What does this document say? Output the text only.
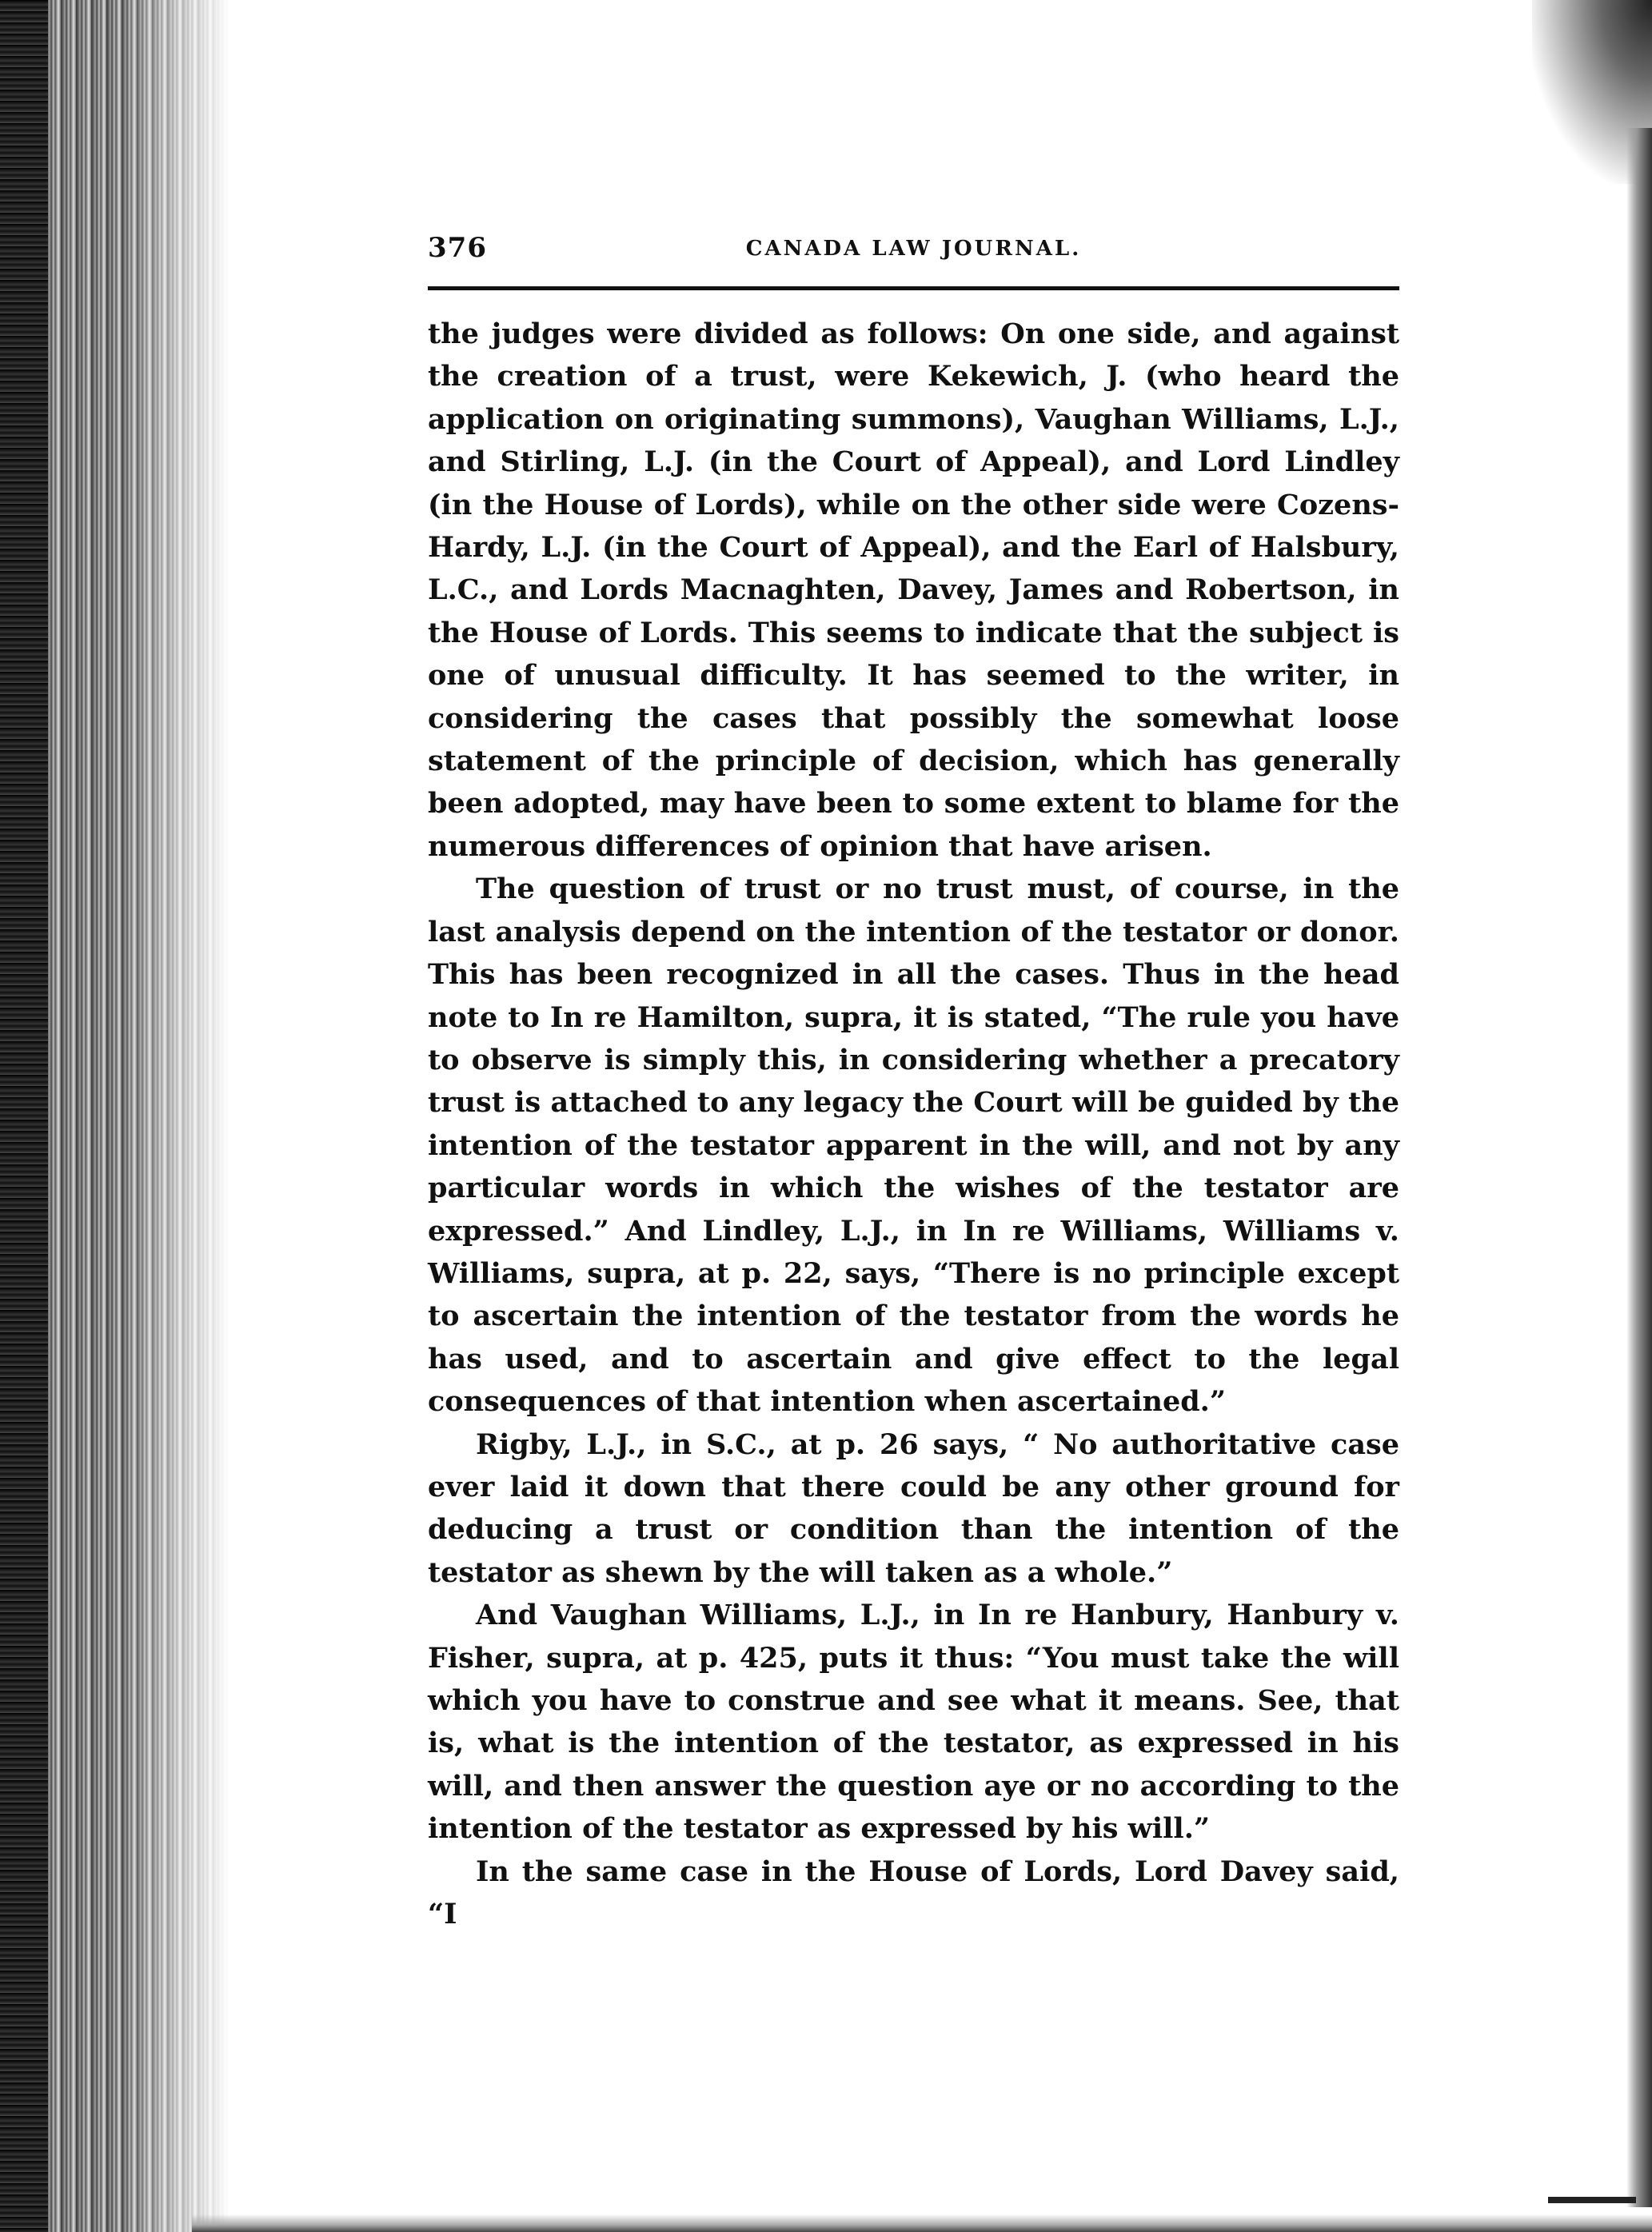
376	CANADA LAW JOURNAL.

the judges were divided as follows: On one side, and against the creation of a trust, were Kekewich, J. (who heard the application on originating summons), Vaughan Williams, L.J., and Stirling, L.J. (in the Court of Appeal), and Lord Lindley (in the House of Lords), while on the other side were Cozens-Hardy, L.J. (in the Court of Appeal), and the Earl of Halsbury, L.C., and Lords Macnaghten, Davey, James and Robertson, in the House of Lords. This seems to indicate that the subject is one of unusual difficulty. It has seemed to the writer, in considering the cases that possibly the somewhat loose statement of the principle of decision, which has generally been adopted, may have been to some extent to blame for the numerous differences of opinion that have arisen.

The question of trust or no trust must, of course, in the last analysis depend on the intention of the testator or donor. This has been recognized in all the cases. Thus in the head note to In re Hamilton, supra, it is stated, “The rule you have to observe is simply this, in considering whether a precatory trust is attached to any legacy the Court will be guided by the intention of the testator apparent in the will, and not by any particular words in which the wishes of the testator are expressed.” And Lindley, L.J., in In re Williams, Williams v. Williams, supra, at p. 22, says, “There is no principle except to ascertain the intention of the testator from the words he has used, and to ascertain and give effect to the legal consequences of that intention when ascertained.”

Rigby, L.J., in S.C., at p. 26 says, “ No authoritative case ever laid it down that there could be any other ground for deducing a trust or condition than the intention of the testator as shewn by the will taken as a whole.”

And Vaughan Williams, L.J., in In re Hanbury, Hanbury v. Fisher, supra, at p. 425, puts it thus: “You must take the will which you have to construe and see what it means. See, that is, what is the intention of the testator, as expressed in his will, and then answer the question aye or no according to the intention of the testator as expressed by his will.”

In the same case in the House of Lords, Lord Davey said, “I
